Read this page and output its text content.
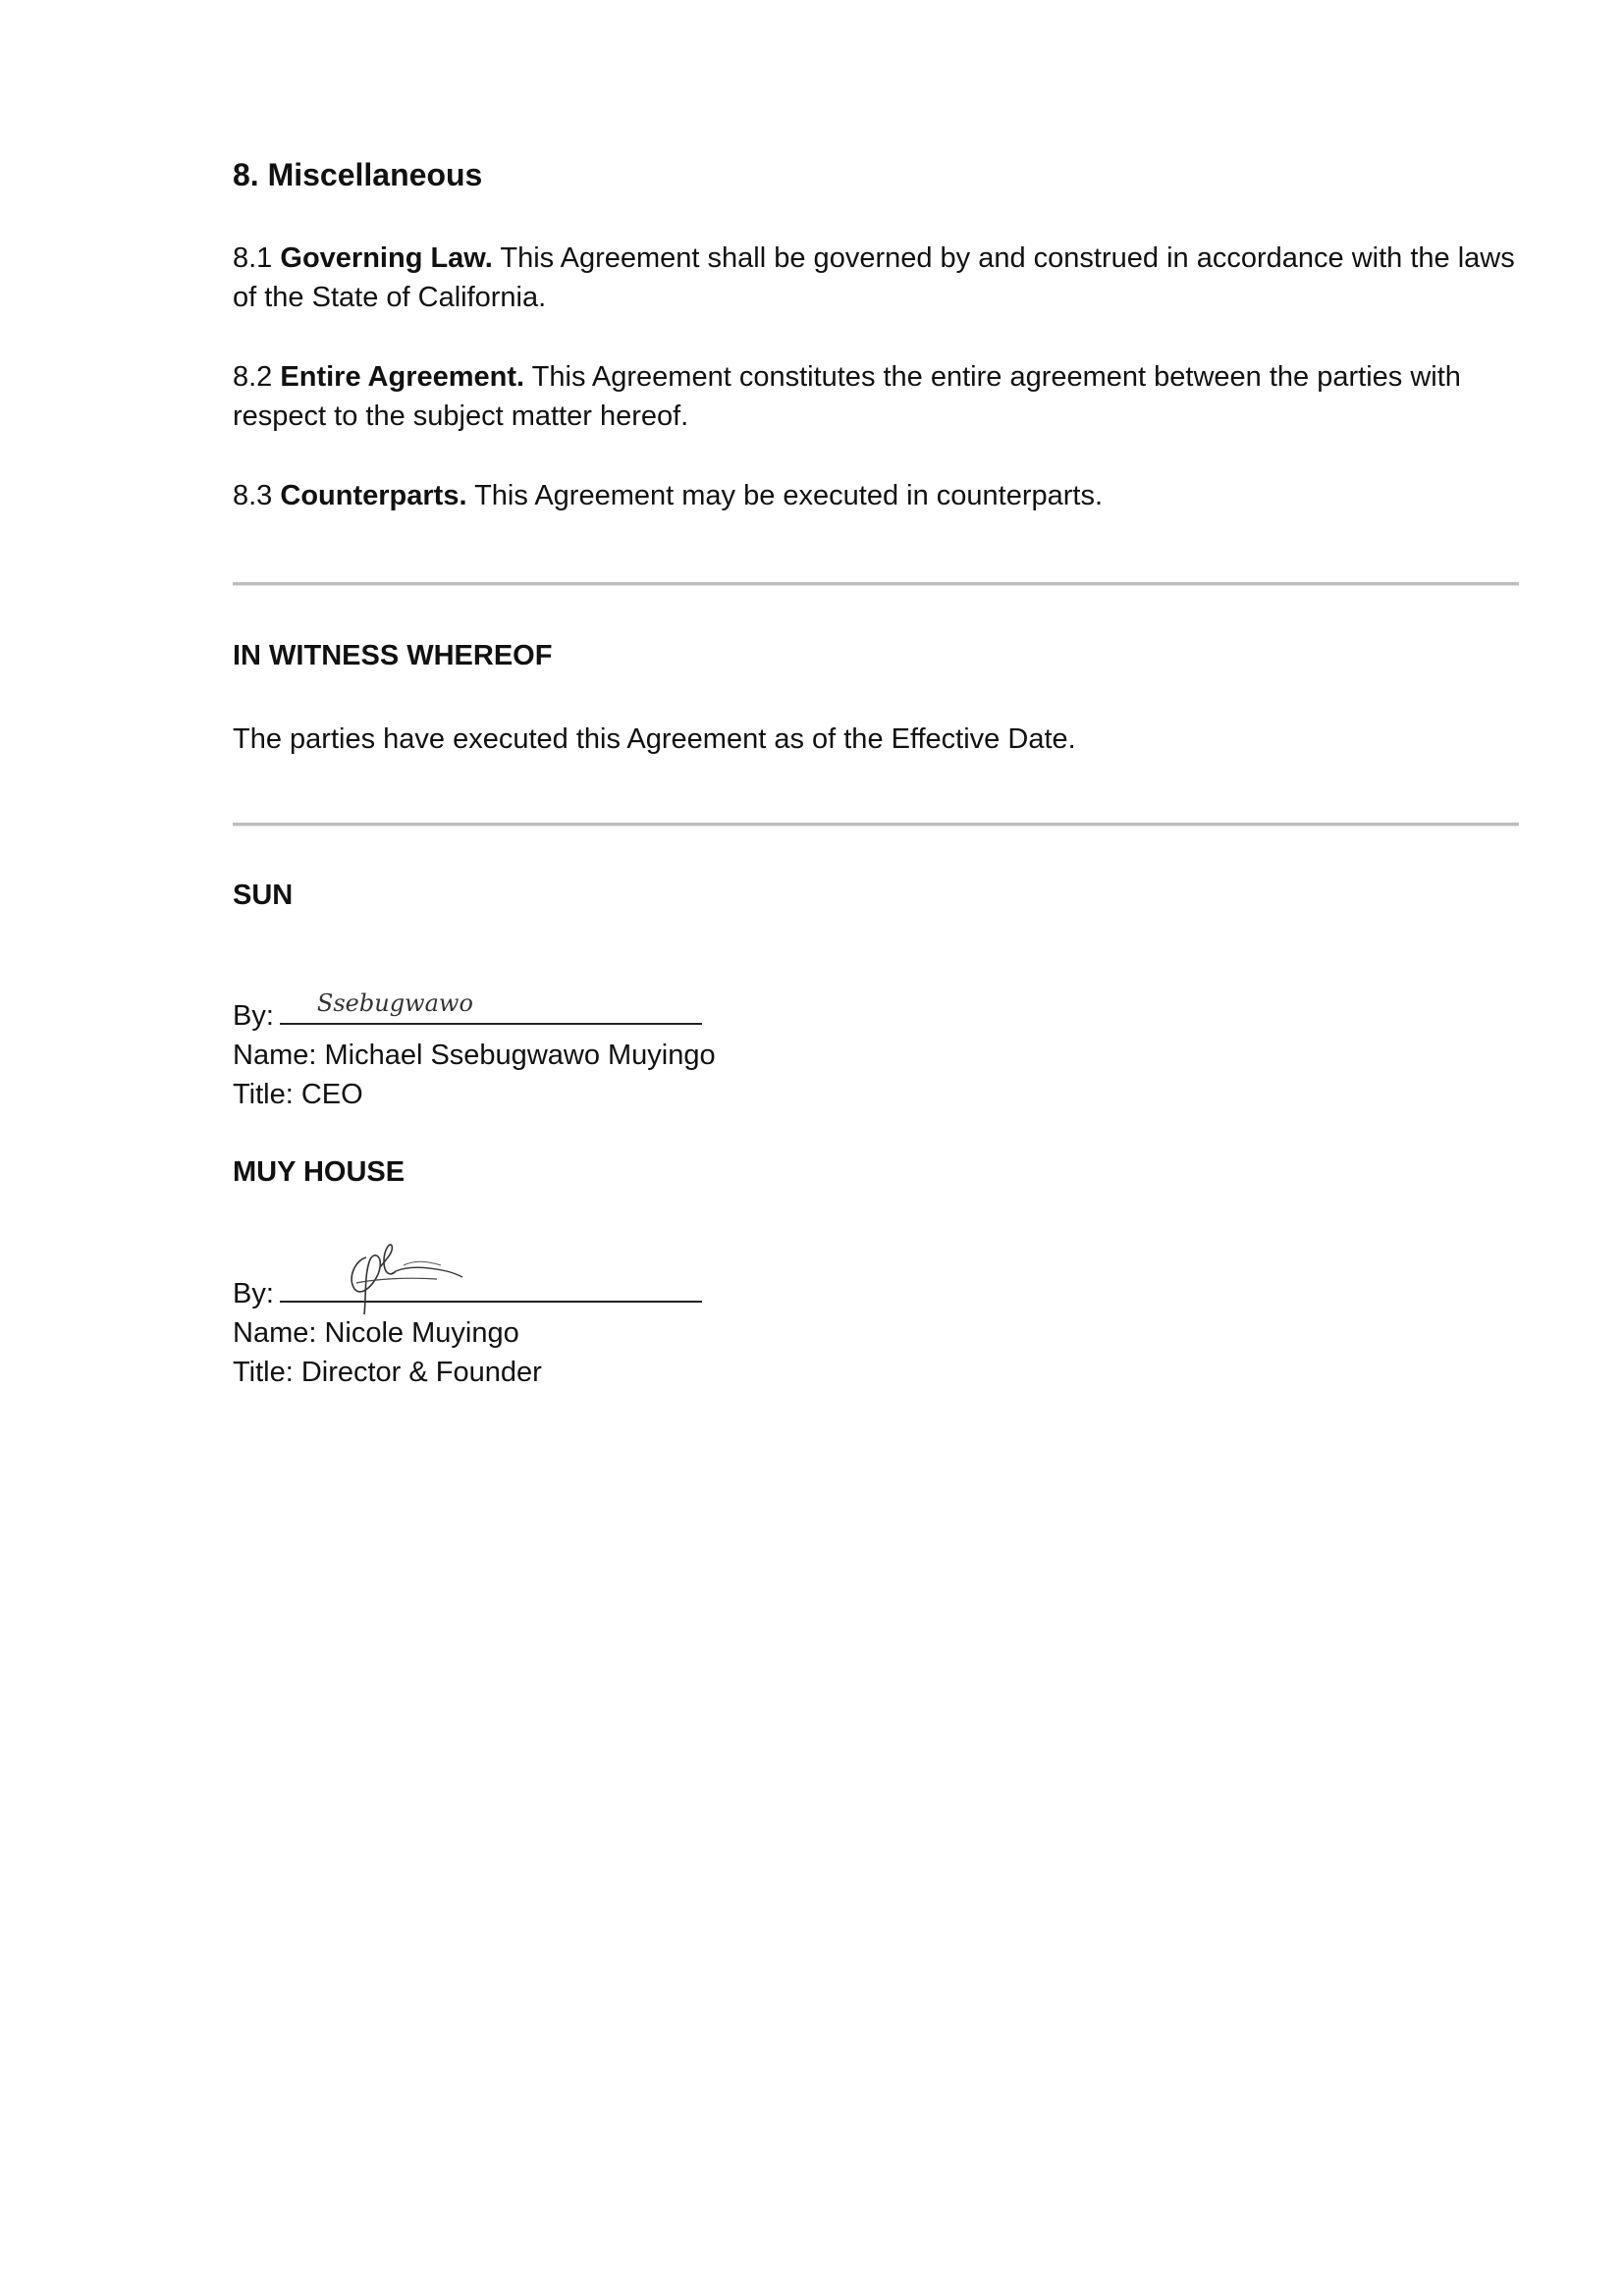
8. Miscellaneous

8.1 Governing Law. This Agreement shall be governed by and construed in accordance with the laws of the State of California.

8.2 Entire Agreement. This Agreement constitutes the entire agreement between the parties with respect to the subject matter hereof.

8.3 Counterparts. This Agreement may be executed in counterparts.

IN WITNESS WHEREOF

The parties have executed this Agreement as of the Effective Date.

SUN

By: Ssebugwawo

Name: Michael Ssebugwawo Muyingo

Title: CEO

MUY HOUSE

By:

Name: Nicole Muyingo

Title: Director & Founder
